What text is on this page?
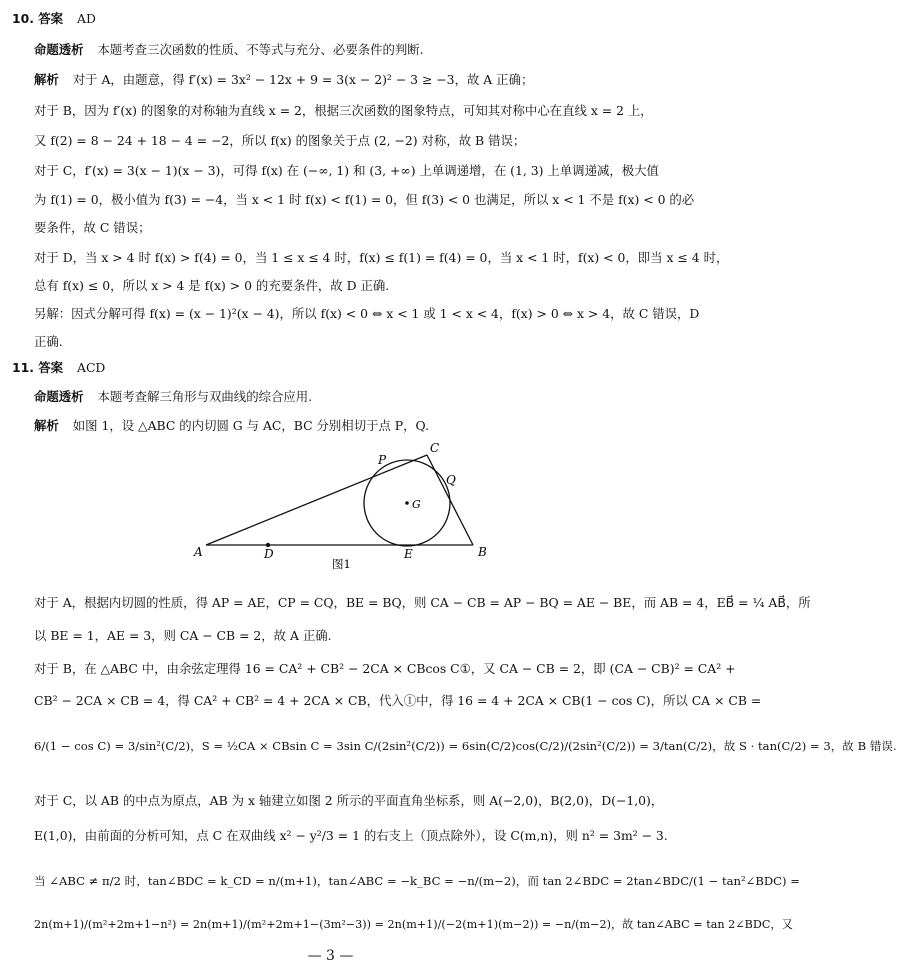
10. 答案 AD
命题透析 本题考查三次函数的性质、不等式与充分、必要条件的判断.
解析 对于 A，由题意，得 f′(x) = 3x² − 12x + 9 = 3(x − 2)² − 3 ≥ −3，故 A 正确；
对于 B，因为 f′(x) 的图象的对称轴为直线 x = 2，根据三次函数的图象特点，可知其对称中心在直线 x = 2 上，
又 f(2) = 8 − 24 + 18 − 4 = −2，所以 f(x) 的图象关于点 (2, −2) 对称，故 B 错误；
对于 C，f′(x) = 3(x − 1)(x − 3)，可得 f(x) 在 (−∞, 1) 和 (3, +∞) 上单调递增，在 (1, 3) 上单调递减，极大值
为 f(1) = 0，极小值为 f(3) = −4，当 x < 1 时 f(x) < f(1) = 0，但 f(3) < 0 也满足，所以 x < 1 不是 f(x) < 0 的必
要条件，故 C 错误；
对于 D，当 x > 4 时 f(x) > f(4) = 0，当 1 ≤ x ≤ 4 时，f(x) ≤ f(1) = f(4) = 0，当 x < 1 时，f(x) < 0，即当 x ≤ 4 时，
总有 f(x) ≤ 0，所以 x > 4 是 f(x) > 0 的充要条件，故 D 正确.
另解：因式分解可得 f(x) = (x − 1)²(x − 4)，所以 f(x) < 0 ⇔ x < 1 或 1 < x < 4，f(x) > 0 ⇔ x > 4，故 C 错误，D
正确.
11. 答案 ACD
命题透析 本题考查解三角形与双曲线的综合应用.
解析 如图 1，设 △ABC 的内切圆 G 与 AC，BC 分别相切于点 P，Q.
A	B
C
D	E
P
Q
G
图1
对于 A，根据内切圆的性质，得 AP = AE，CP = CQ，BE = BQ，则 CA − CB = AP − BQ = AE − BE，而 AB = 4，EB⃗ = ¼ AB⃗，所
以 BE = 1，AE = 3，则 CA − CB = 2，故 A 正确.
对于 B，在 △ABC 中，由余弦定理得 16 = CA² + CB² − 2CA × CBcos C①，又 CA − CB = 2，即 (CA − CB)² = CA² +
CB² − 2CA × CB = 4，得 CA² + CB² = 4 + 2CA × CB，代入①中，得 16 = 4 + 2CA × CB(1 − cos C)，所以 CA × CB =
6/(1 − cos C) = 3/sin²(C/2)，S = ½CA × CBsin C = 3sin C/(2sin²(C/2)) = 6sin(C/2)cos(C/2)/(2sin²(C/2)) = 3/tan(C/2)，故 S · tan(C/2) = 3，故 B 错误.
对于 C，以 AB 的中点为原点，AB 为 x 轴建立如图 2 所示的平面直角坐标系，则 A(−2,0)，B(2,0)，D(−1,0)，
E(1,0)，由前面的分析可知，点 C 在双曲线 x² − y²/3 = 1 的右支上（顶点除外），设 C(m,n)，则 n² = 3m² − 3.
当 ∠ABC ≠ π/2 时，tan∠BDC = k_CD = n/(m+1)，tan∠ABC = −k_BC = −n/(m−2)，而 tan 2∠BDC = 2tan∠BDC/(1 − tan²∠BDC) =
2n(m+1)/(m²+2m+1−n²) = 2n(m+1)/(m²+2m+1−(3m²−3)) = 2n(m+1)/(−2(m+1)(m−2)) = −n/(m−2)，故 tan∠ABC = tan 2∠BDC，又
— 3 —
